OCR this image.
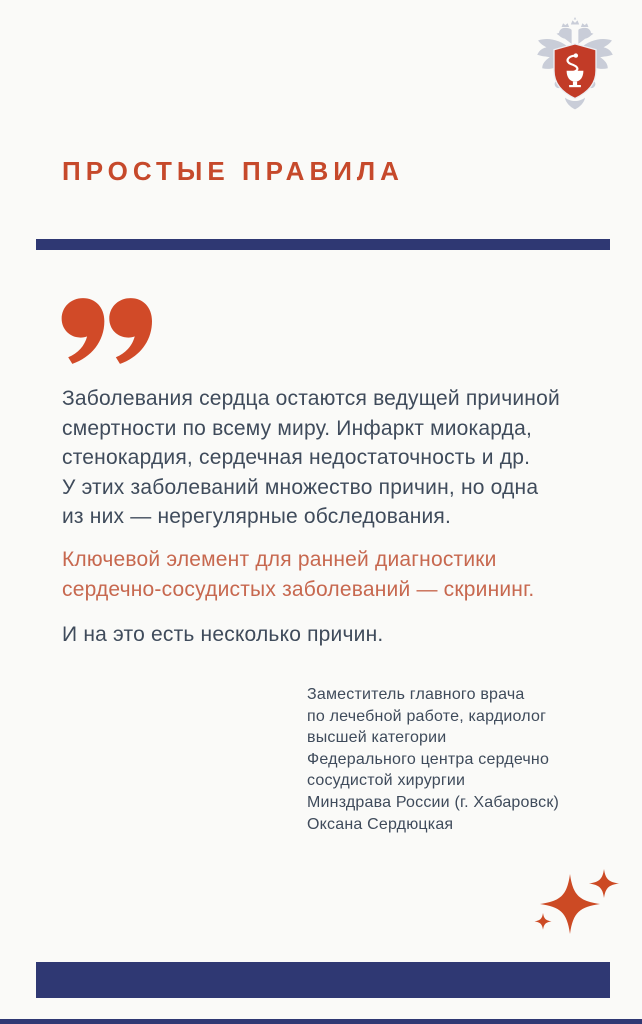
ПРОСТЫЕ ПРАВИЛА

Заболевания сердца остаются ведущей причиной
смертности по всему миру. Инфаркт миокарда,
стенокардия, сердечная недостаточность и др.
У этих заболеваний множество причин, но одна
из них — нерегулярные обследования.

Ключевой элемент для ранней диагностики
сердечно-сосудистых заболеваний — скрининг.

И на это есть несколько причин.

Заместитель главного врача
по лечебной работе, кардиолог
высшей категории
Федерального центра сердечно
сосудистой хирургии
Минздрава России (г. Хабаровск)
Оксана Сердюцкая
